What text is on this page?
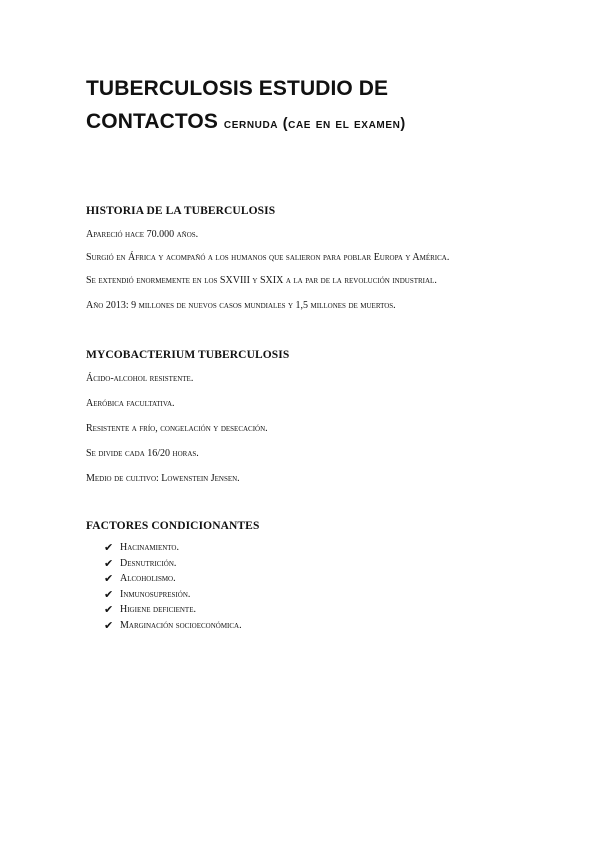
TUBERCULOSIS ESTUDIO DE
CONTACTOS cernuda (cae en el examen)
HISTORIA DE LA TUBERCULOSIS

Apareció hace 70.000 años.

Surgió en África y acompañó a los humanos que salieron para poblar Europa y América.

Se extendió enormemente en los SXVIII y SXIX a la par de la revolución industrial.

Año 2013: 9 millones de nuevos casos mundiales y 1,5 millones de muertos.

MYCOBACTERIUM TUBERCULOSIS

Ácido-alcohol resistente.

Aeróbica facultativa.

Resistente a frío, congelación y desecación.

Se divide cada 16/20 horas.

Medio de cultivo: Lowenstein Jensen.

FACTORES CONDICIONANTES
✔ Hacinamiento.
✔ Desnutrición.
✔ Alcoholismo.
✔ Inmunosupresión.
✔ Higiene deficiente.
✔ Marginación socioeconómica.
